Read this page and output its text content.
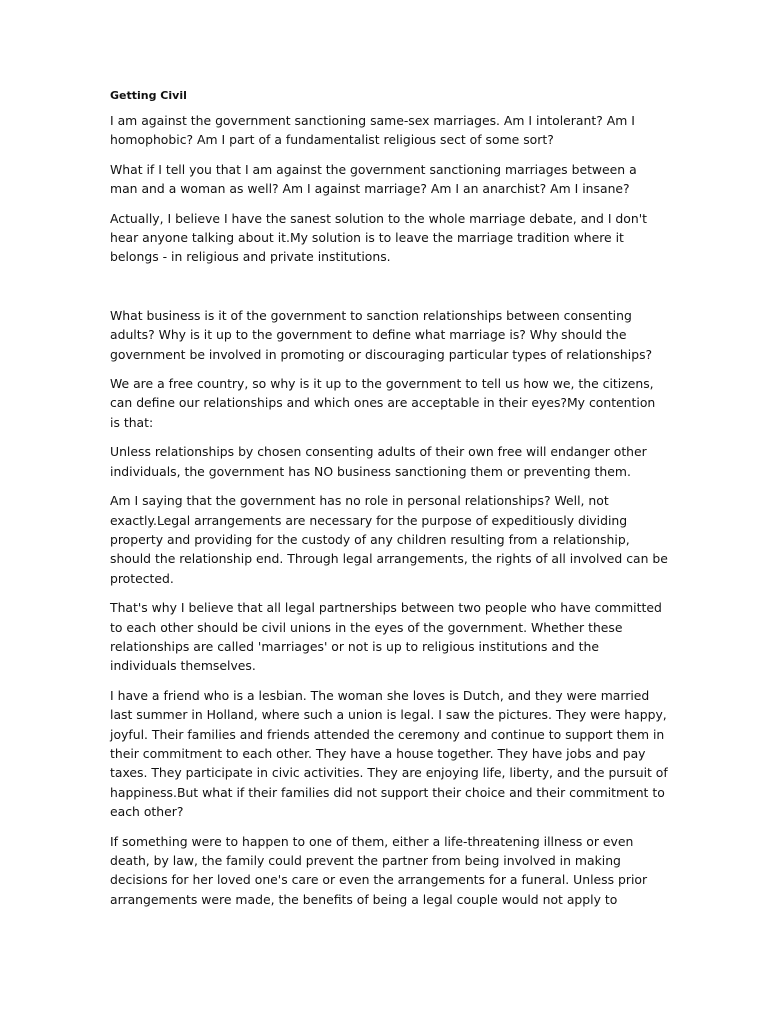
Getting Civil

I am against the government sanctioning same-sex marriages. Am I intolerant? Am I homophobic? Am I part of a fundamentalist religious sect of some sort?

What if I tell you that I am against the government sanctioning marriages between a man and a woman as well? Am I against marriage? Am I an anarchist? Am I insane?

Actually, I believe I have the sanest solution to the whole marriage debate, and I don't hear anyone talking about it.My solution is to leave the marriage tradition where it belongs - in religious and private institutions.

What business is it of the government to sanction relationships between consenting adults? Why is it up to the government to define what marriage is? Why should the government be involved in promoting or discouraging particular types of relationships?

We are a free country, so why is it up to the government to tell us how we, the citizens, can define our relationships and which ones are acceptable in their eyes?My contention is that:

Unless relationships by chosen consenting adults of their own free will endanger other individuals, the government has NO business sanctioning them or preventing them.

Am I saying that the government has no role in personal relationships? Well, not exactly.Legal arrangements are necessary for the purpose of expeditiously dividing property and providing for the custody of any children resulting from a relationship, should the relationship end. Through legal arrangements, the rights of all involved can be protected.

That's why I believe that all legal partnerships between two people who have committed to each other should be civil unions in the eyes of the government. Whether these relationships are called 'marriages' or not is up to religious institutions and the individuals themselves.

I have a friend who is a lesbian. The woman she loves is Dutch, and they were married last summer in Holland, where such a union is legal. I saw the pictures. They were happy, joyful. Their families and friends attended the ceremony and continue to support them in their commitment to each other. They have a house together. They have jobs and pay taxes. They participate in civic activities. They are enjoying life, liberty, and the pursuit of happiness.But what if their families did not support their choice and their commitment to each other?

If something were to happen to one of them, either a life-threatening illness or even death, by law, the family could prevent the partner from being involved in making decisions for her loved one's care or even the arrangements for a funeral. Unless prior arrangements were made, the benefits of being a legal couple would not apply to
